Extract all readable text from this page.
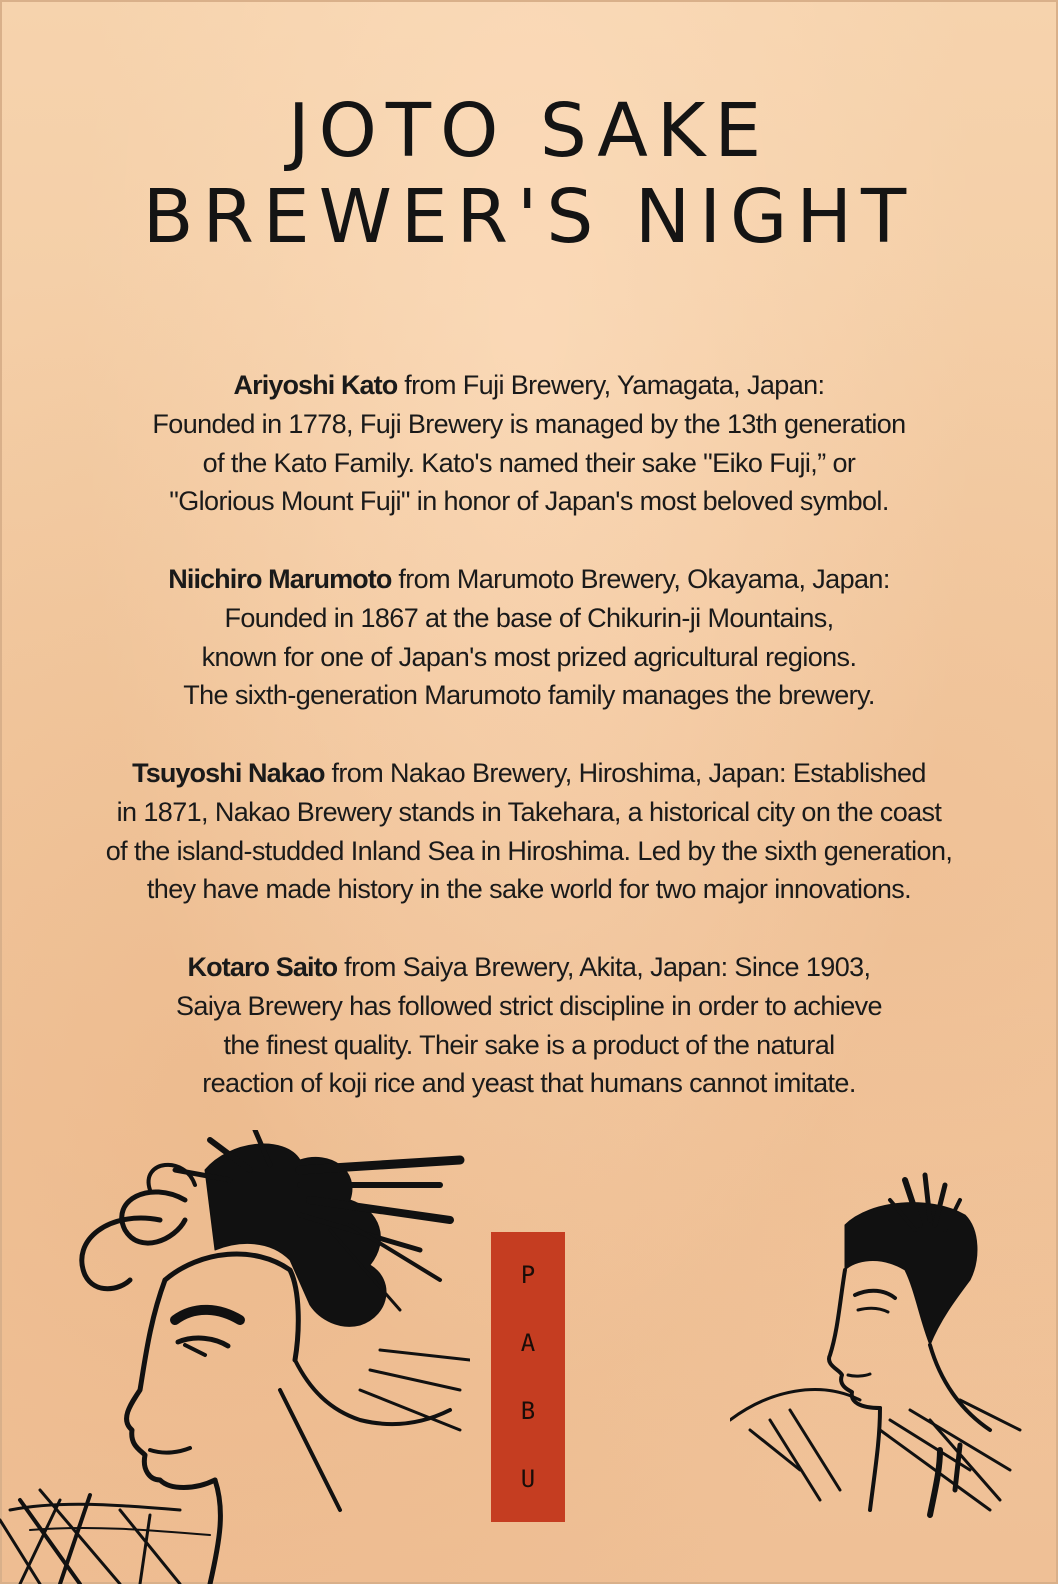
JOTO SAKE
BREWER'S NIGHT

Ariyoshi Kato from Fuji Brewery, Yamagata, Japan:
Founded in 1778, Fuji Brewery is managed by the 13th generation
of the Kato Family. Kato's named their sake "Eiko Fuji,” or
"Glorious Mount Fuji" in honor of Japan's most beloved symbol.

Niichiro Marumoto from Marumoto Brewery, Okayama, Japan:
Founded in 1867 at the base of Chikurin-ji Mountains,
known for one of Japan's most prized agricultural regions.
The sixth-generation Marumoto family manages the brewery.

Tsuyoshi Nakao from Nakao Brewery, Hiroshima, Japan: Established
in 1871, Nakao Brewery stands in Takehara, a historical city on the coast
of the island-studded Inland Sea in Hiroshima. Led by the sixth generation,
they have made history in the sake world for two major innovations.

Kotaro Saito from Saiya Brewery, Akita, Japan: Since 1903,
Saiya Brewery has followed strict discipline in order to achieve
the finest quality. Their sake is a product of the natural
reaction of koji rice and yeast that humans cannot imitate.

P
A
B
U
